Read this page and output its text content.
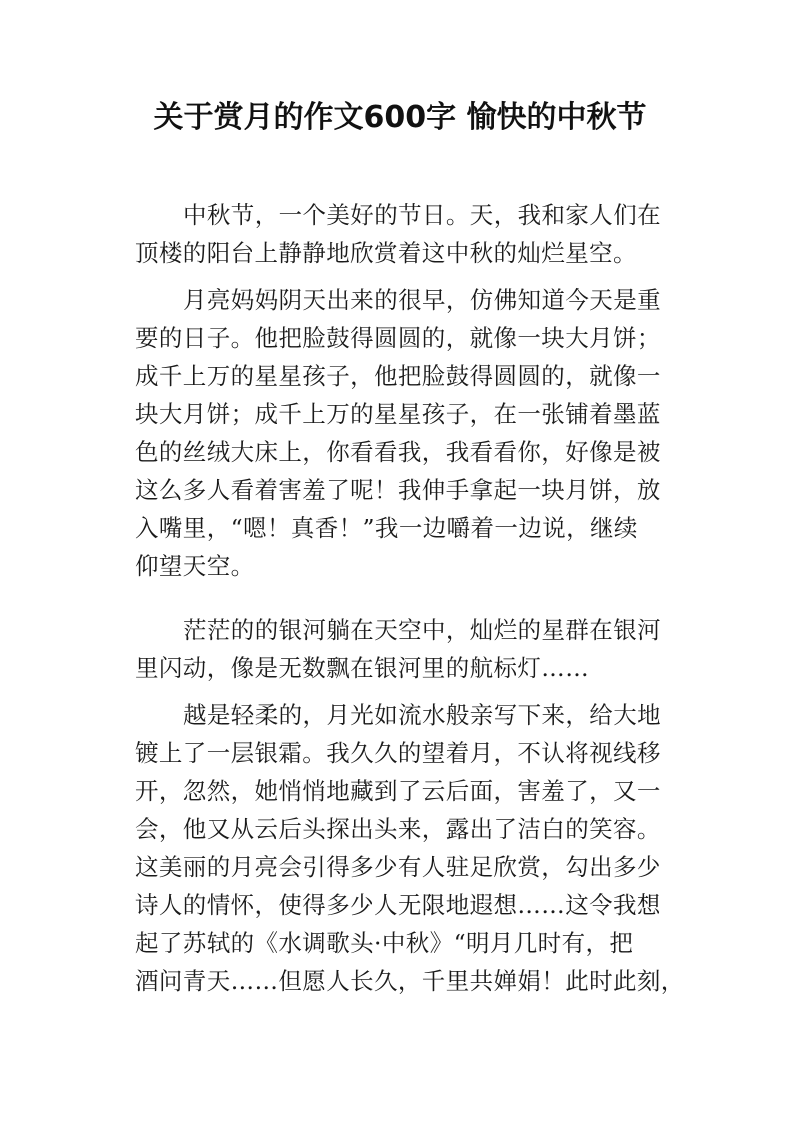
关于赏月的作文600字 愉快的中秋节
中秋节，一个美好的节日。天，我和家人们在
顶楼的阳台上静静地欣赏着这中秋的灿烂星空。
月亮妈妈阴天出来的很早，仿佛知道今天是重
要的日子。他把脸鼓得圆圆的，就像一块大月饼；
成千上万的星星孩子，他把脸鼓得圆圆的，就像一
块大月饼；成千上万的星星孩子，在一张铺着墨蓝
色的丝绒大床上，你看看我，我看看你，好像是被
这么多人看着害羞了呢！我伸手拿起一块月饼，放
入嘴里，“嗯！真香！”我一边嚼着一边说，继续
仰望天空。
茫茫的的银河躺在天空中，灿烂的星群在银河
里闪动，像是无数飘在银河里的航标灯……
越是轻柔的，月光如流水般亲写下来，给大地
镀上了一层银霜。我久久的望着月，不认将视线移
开，忽然，她悄悄地藏到了云后面，害羞了，又一
会，他又从云后头探出头来，露出了洁白的笑容。
这美丽的月亮会引得多少有人驻足欣赏，勾出多少
诗人的情怀，使得多少人无限地遐想……这令我想
起了苏轼的《水调歌头·中秋》“明月几时有，把
酒问青天……但愿人长久，千里共婵娟！此时此刻，
